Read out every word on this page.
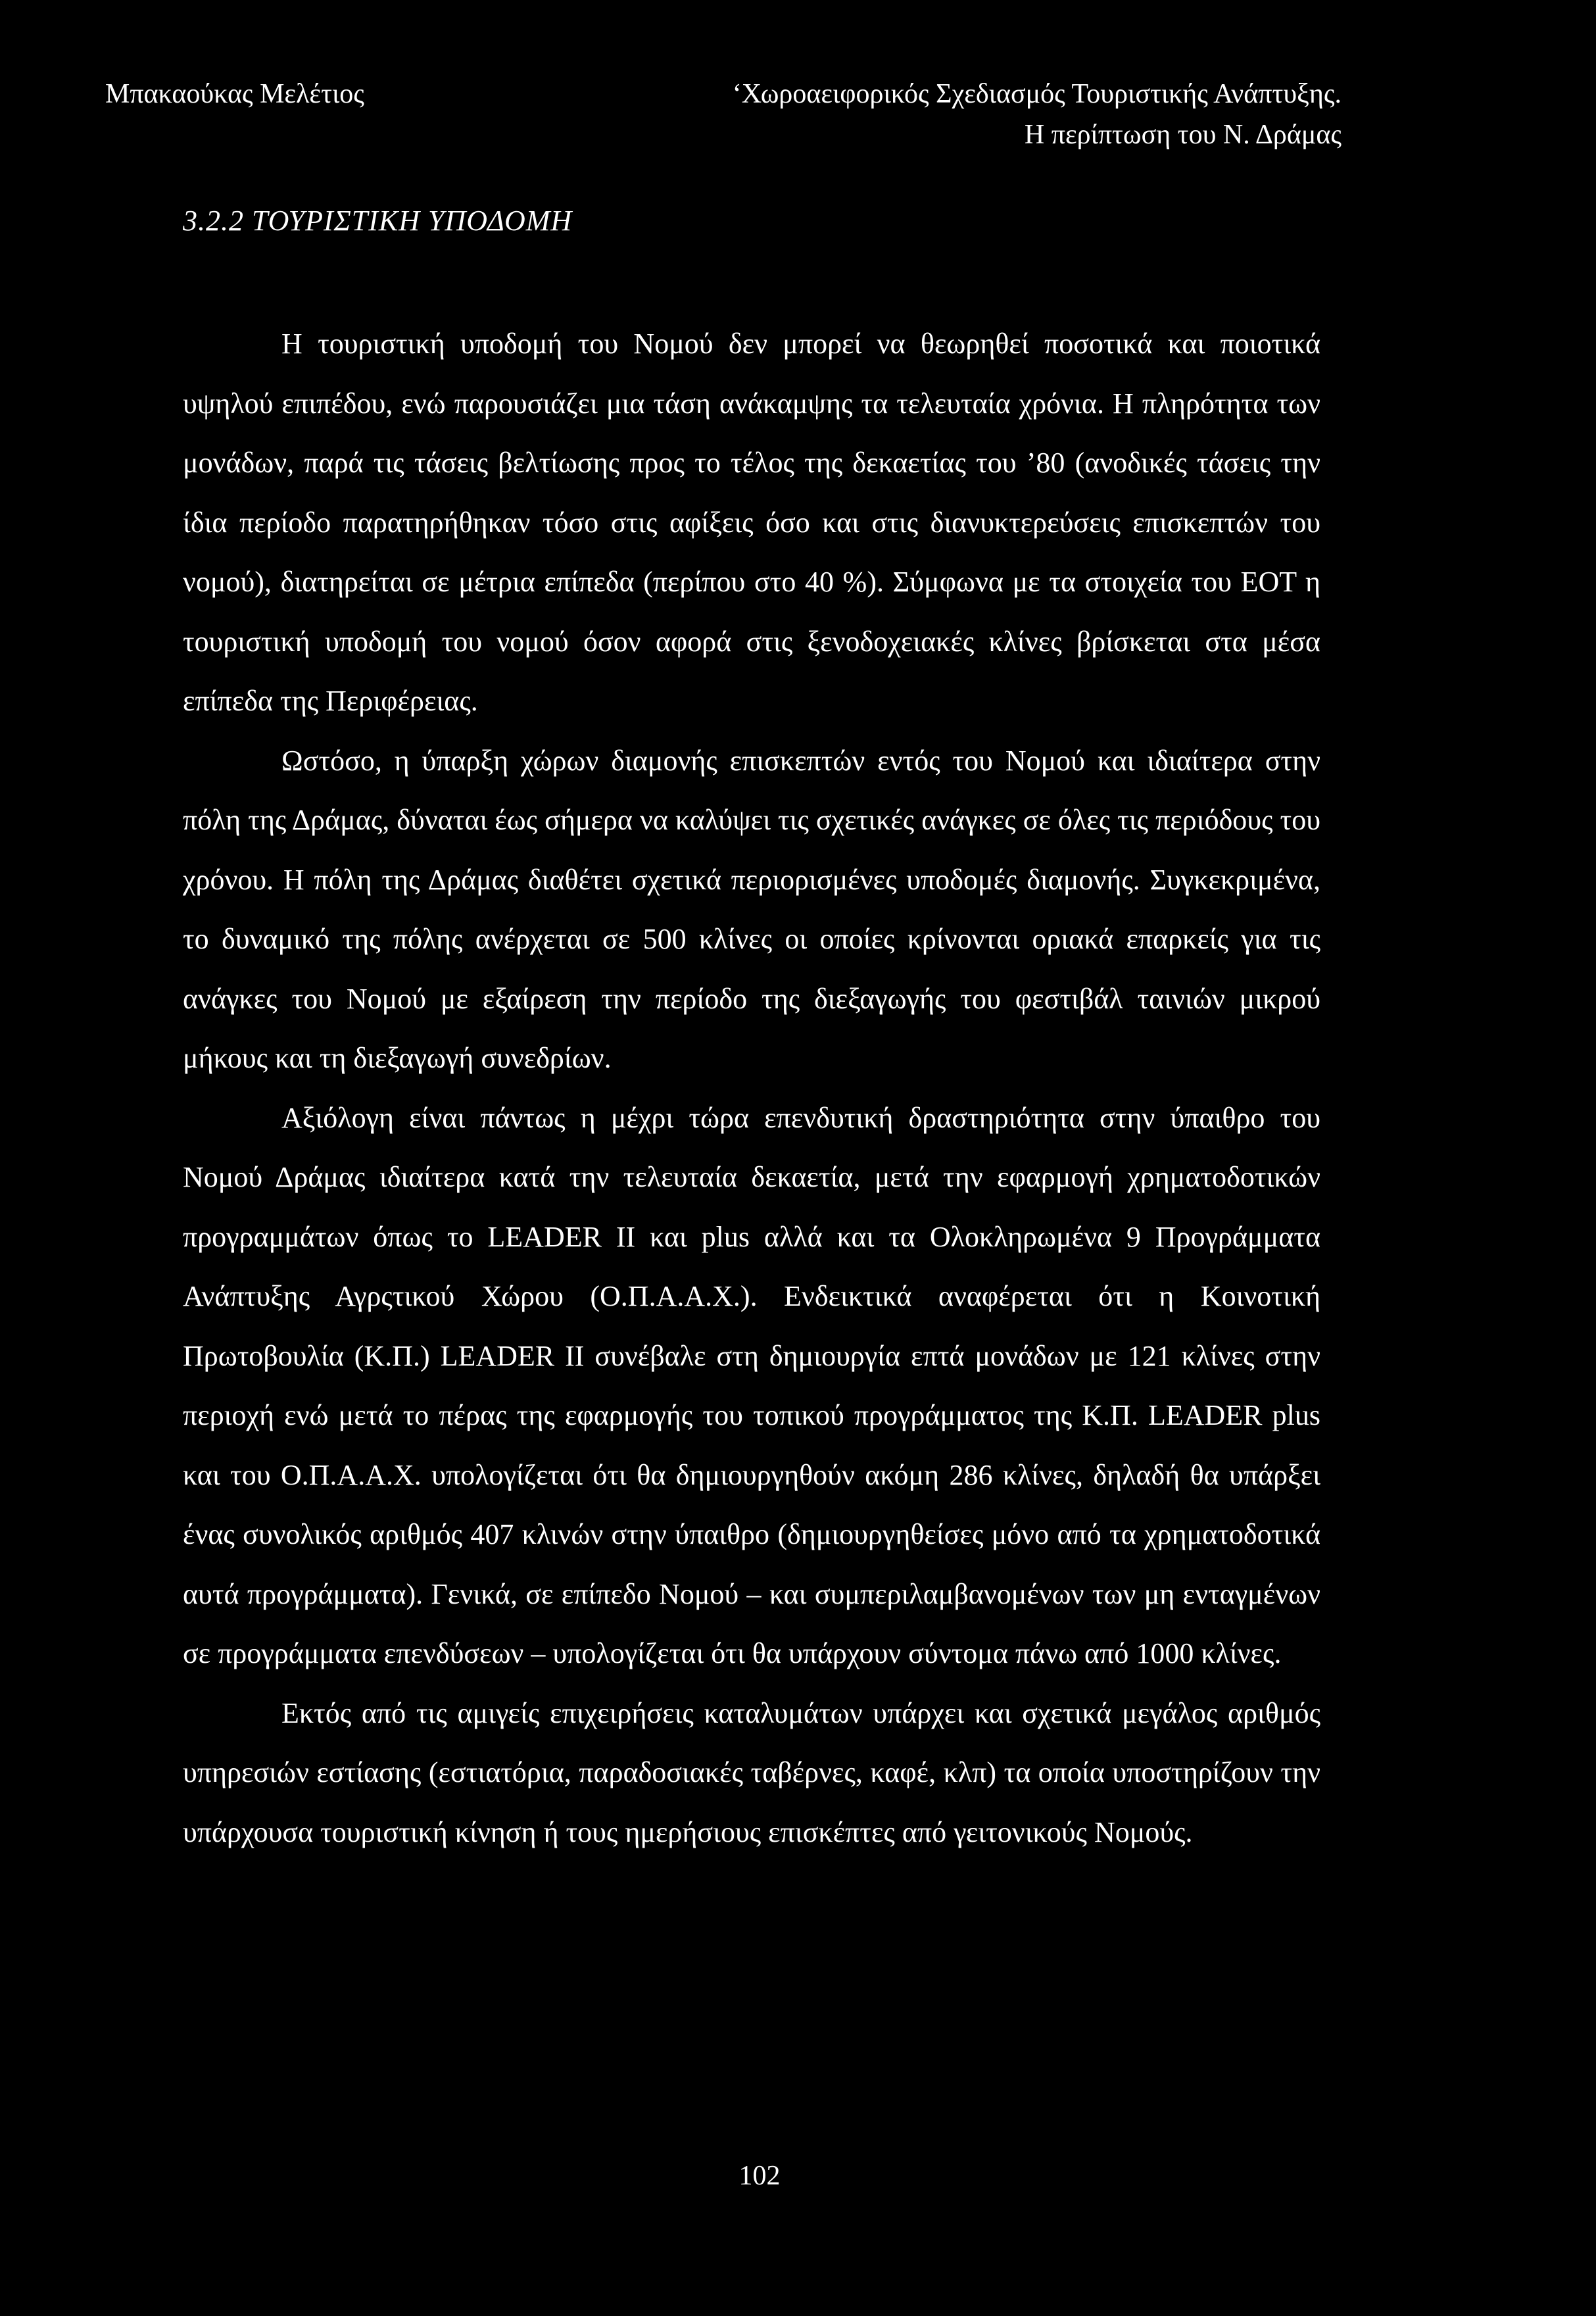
Μπακαούκας Μελέτιος	‘Χωροαειφορικός Σχεδιασμός Τουριστικής Ανάπτυξης.
Η περίπτωση του Ν. Δράμας
3.2.2 ΤΟΥΡΙΣΤΙΚΗ ΥΠΟΔΟΜΗ

Η τουριστική υποδομή του Νομού δεν μπορεί να θεωρηθεί ποσοτικά και ποιοτικά υψηλού επιπέδου, ενώ παρουσιάζει μια τάση ανάκαμψης τα τελευταία χρόνια. Η πληρότητα των μονάδων, παρά τις τάσεις βελτίωσης προς το τέλος της δεκαετίας του ’80 (ανοδικές τάσεις την ίδια περίοδο παρατηρήθηκαν τόσο στις αφίξεις όσο και στις διανυκτερεύσεις επισκεπτών του νομού), διατηρείται σε μέτρια επίπεδα (περίπου στο 40 %). Σύμφωνα με τα στοιχεία του ΕΟΤ η τουριστική υποδομή του νομού όσον αφορά στις ξενοδοχειακές κλίνες βρίσκεται στα μέσα επίπεδα της Περιφέρειας.

Ωστόσο, η ύπαρξη χώρων διαμονής επισκεπτών εντός του Νομού και ιδιαίτερα στην πόλη της Δράμας, δύναται έως σήμερα να καλύψει τις σχετικές ανάγκες σε όλες τις περιόδους του χρόνου. Η πόλη της Δράμας διαθέτει σχετικά περιορισμένες υποδομές διαμονής. Συγκεκριμένα, το δυναμικό της πόλης ανέρχεται σε 500 κλίνες οι οποίες κρίνονται οριακά επαρκείς για τις ανάγκες του Νομού με εξαίρεση την περίοδο της διεξαγωγής του φεστιβάλ ταινιών μικρού μήκους και τη διεξαγωγή συνεδρίων.

Αξιόλογη είναι πάντως η μέχρι τώρα επενδυτική δραστηριότητα στην ύπαιθρο του Νομού Δράμας ιδιαίτερα κατά την τελευταία δεκαετία, μετά την εφαρμογή χρηματοδοτικών προγραμμάτων όπως το LEADER II και plus αλλά και τα Ολοκληρωμένα 9 Προγράμματα Ανάπτυξης Αγρςτικού Χώρου (Ο.Π.Α.Α.Χ.). Ενδεικτικά αναφέρεται ότι η Κοινοτική Πρωτοβουλία (Κ.Π.) LEADER II συνέβαλε στη δημιουργία επτά μονάδων με 121 κλίνες στην περιοχή ενώ μετά το πέρας της εφαρμογής του τοπικού προγράμματος της Κ.Π. LEADER plus και του Ο.Π.Α.Α.Χ. υπολογίζεται ότι θα δημιουργηθούν ακόμη 286 κλίνες, δηλαδή θα υπάρξει ένας συνολικός αριθμός 407 κλινών στην ύπαιθρο (δημιουργηθείσες μόνο από τα χρηματοδοτικά αυτά προγράμματα). Γενικά, σε επίπεδο Νομού – και συμπεριλαμβανομένων των μη ενταγμένων σε προγράμματα επενδύσεων – υπολογίζεται ότι θα υπάρχουν σύντομα πάνω από 1000 κλίνες.

Εκτός από τις αμιγείς επιχειρήσεις καταλυμάτων υπάρχει και σχετικά μεγάλος αριθμός υπηρεσιών εστίασης (εστιατόρια, παραδοσιακές ταβέρνες, καφέ, κλπ) τα οποία υποστηρίζουν την υπάρχουσα τουριστική κίνηση ή τους ημερήσιους επισκέπτες από γειτονικούς Νομούς.

102
